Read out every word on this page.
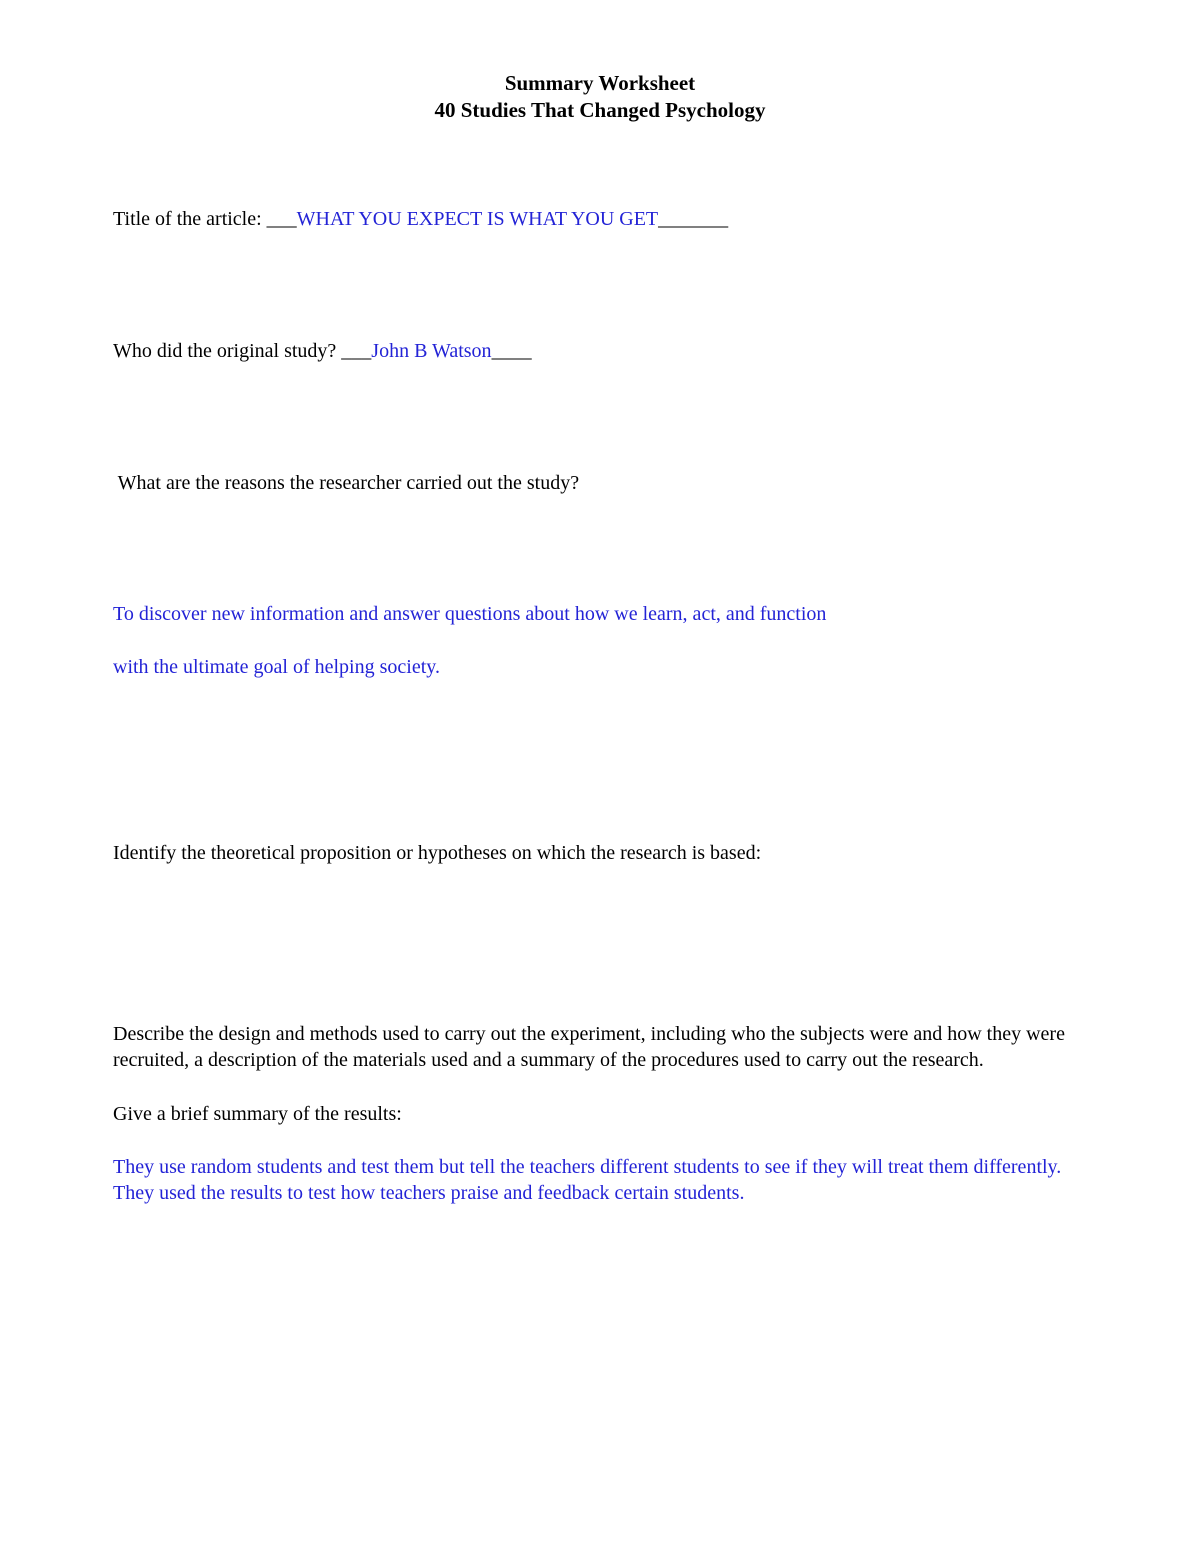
Summary Worksheet
40 Studies That Changed Psychology
Title of the article: ___WHAT YOU EXPECT IS WHAT YOU GET_______
Who did the original study? ___John B Watson____
What are the reasons the researcher carried out the study?
To discover new information and answer questions about how we learn, act, and function
with the ultimate goal of helping society.
Identify the theoretical proposition or hypotheses on which the research is based:
Describe the design and methods used to carry out the experiment, including who the subjects were and how they were recruited, a description of the materials used and a summary of the procedures used to carry out the research.
Give a brief summary of the results:
They use random students and test them but tell the teachers different students to see if they will treat them differently. They used the results to test how teachers praise and feedback certain students.
